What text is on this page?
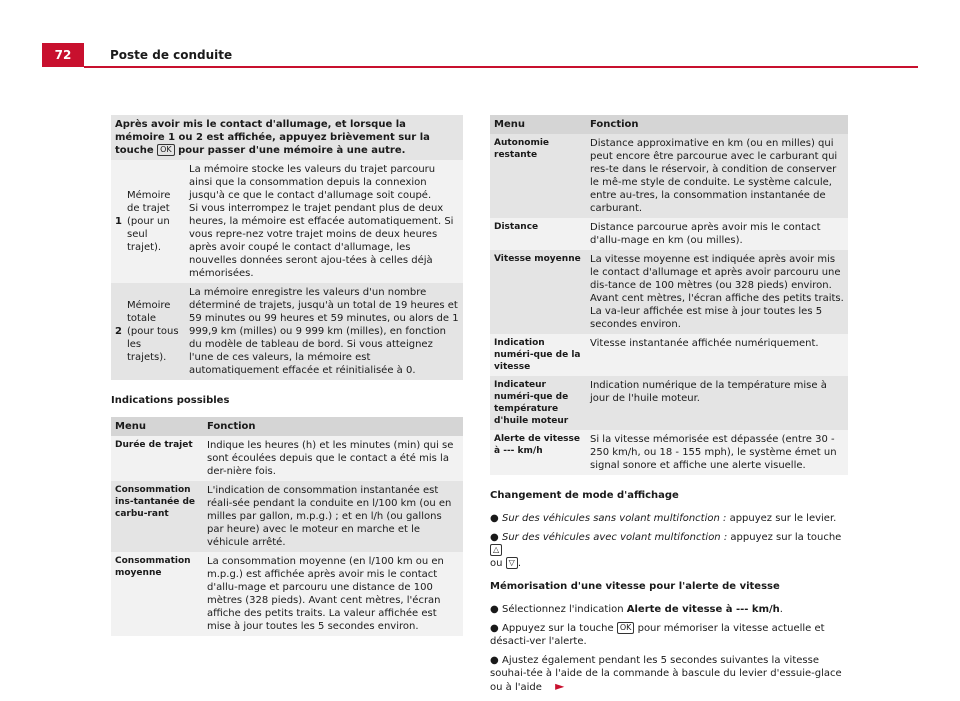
72	Poste de conduite
Après avoir mis le contact d'allumage, et lorsque la mémoire 1 ou 2 est affichée, appuyez brièvement sur la touche OK pour passer d'une mémoire à une autre.		
1	Mémoire de trajet (pour un seul trajet).	La mémoire stocke les valeurs du trajet parcouru ainsi que la consommation depuis la connexion jusqu'à ce que le contact d'allumage soit coupé.
Si vous interrompez le trajet pendant plus de deux heures, la mémoire est effacée automatiquement. Si vous repre-nez votre trajet moins de deux heures après avoir coupé le contact d'allumage, les nouvelles données seront ajou-tées à celles déjà mémorisées.

2	Mémoire totale (pour tous les trajets).	La mémoire enregistre les valeurs d'un nombre déterminé de trajets, jusqu'à un total de 19 heures et 59 minutes ou 99 heures et 59 minutes, ou alors de 1 999,9 km (milles) ou 9 999 km (milles), en fonction du modèle de tableau de bord. Si vous atteignez l'une de ces valeurs, la mémoire est automatiquement effacée et réinitialisée à 0.
Indications possibles
Menu	Fonction
Durée de trajet	Indique les heures (h) et les minutes (min) qui se sont écoulées depuis que le contact a été mis la der-nière fois.
Consommation ins-tantanée de carbu-rant	L'indication de consommation instantanée est réali-sée pendant la conduite en l/100 km (ou en milles par gallon, m.p.g.) ; et en l/h (ou gallons par heure) avec le moteur en marche et le véhicule arrêté.
Consommation moyenne	La consommation moyenne (en l/100 km ou en m.p.g.) est affichée après avoir mis le contact d'allu-mage et parcouru une distance de 100 mètres (328 pieds). Avant cent mètres, l'écran affiche des petits traits. La valeur affichée est mise à jour toutes les 5 secondes environ.
Menu	Fonction
Autonomie restante	Distance approximative en km (ou en milles) qui peut encore être parcourue avec le carburant qui res-te dans le réservoir, à condition de conserver le mê-me style de conduite. Le système calcule, entre au-tres, la consommation instantanée de carburant.
Distance	Distance parcourue après avoir mis le contact d'allu-mage en km (ou milles).
Vitesse moyenne	La vitesse moyenne est indiquée après avoir mis le contact d'allumage et après avoir parcouru une dis-tance de 100 mètres (ou 328 pieds) environ. Avant cent mètres, l'écran affiche des petits traits. La va-leur affichée est mise à jour toutes les 5 secondes environ.
Indication numéri-que de la vitesse	Vitesse instantanée affichée numériquement.
Indicateur numéri-que de température d'huile moteur	Indication numérique de la température mise à jour de l'huile moteur.
Alerte de vitesse à --- km/h	Si la vitesse mémorisée est dépassée (entre 30 - 250 km/h, ou 18 - 155 mph), le système émet un signal sonore et affiche une alerte visuelle.
Changement de mode d'affichage
● Sur des véhicules sans volant multifonction : appuyez sur le levier.
● Sur des véhicules avec volant multifonction : appuyez sur la touche △
ou ▽ .
Mémorisation d'une vitesse pour l'alerte de vitesse
● Sélectionnez l'indication Alerte de vitesse à --- km/h.
● Appuyez sur la touche OK pour mémoriser la vitesse actuelle et désacti-ver l'alerte.
● Ajustez également pendant les 5 secondes suivantes la vitesse souhai-tée à l'aide de la commande à bascule du levier d'essuie-glace ou à l'aide ►
